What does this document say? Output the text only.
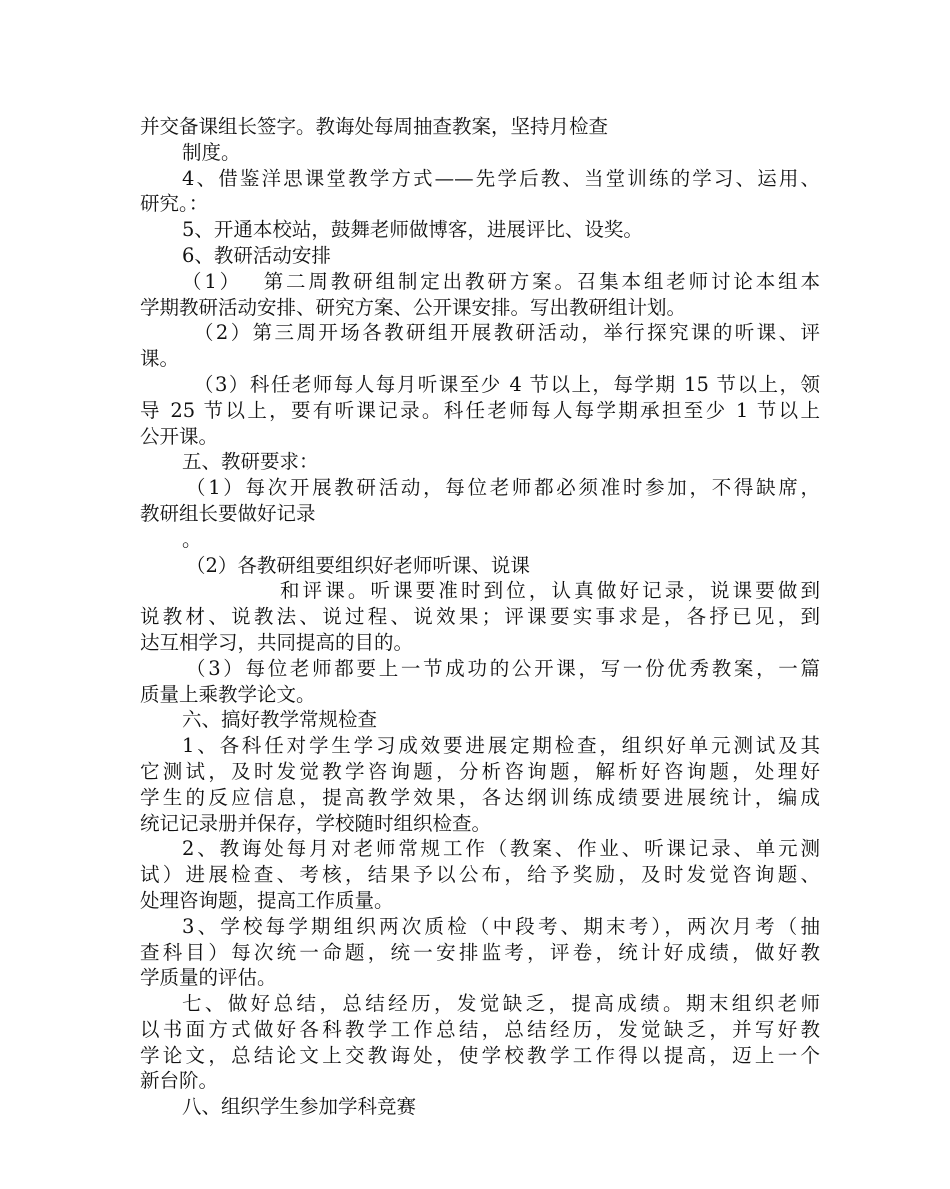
并交备课组长签字。教诲处每周抽查教案，坚持月检查

制度。

4、借鉴洋思课堂教学方式——先学后教、当堂训练的学习、运用、

研究。：

5、开通本校站，鼓舞老师做博客，进展评比、设奖。

6、教研活动安排

（1）　 第二周教研组制定出教研方案。召集本组老师讨论本组本

学期教研活动安排、研究方案、公开课安排。写出教研组计划。

（2）第三周开场各教研组开展教研活动，举行探究课的听课、评

课。

（3）科任老师每人每月听课至少 4 节以上，每学期 15 节以上，领

导 25 节以上，要有听课记录。科任老师每人每学期承担至少 1 节以上

公开课。

五、教研要求：

（1）每次开展教研活动，每位老师都必须准时参加，不得缺席，

教研组长要做好记录

。

（2）各教研组要组织好老师听课、说课

和评课。听课要准时到位，认真做好记录，说课要做到

说教材、说教法、说过程、说效果；评课要实事求是，各抒已见，到

达互相学习，共同提高的目的。

（3）每位老师都要上一节成功的公开课，写一份优秀教案，一篇

质量上乘教学论文。

六、搞好教学常规检查

1、各科任对学生学习成效要进展定期检查，组织好单元测试及其

它测试，及时发觉教学咨询题，分析咨询题，解析好咨询题，处理好

学生的反应信息，提高教学效果，各达纲训练成绩要进展统计，编成

统记记录册并保存，学校随时组织检查。

2、教诲处每月对老师常规工作（教案、作业、听课记录、单元测

试）进展检查、考核，结果予以公布，给予奖励，及时发觉咨询题、

处理咨询题，提高工作质量。

3、学校每学期组织两次质检（中段考、期末考），两次月考（抽

查科目）每次统一命题，统一安排监考，评卷，统计好成绩，做好教

学质量的评估。

七、做好总结，总结经历，发觉缺乏，提高成绩。期末组织老师

以书面方式做好各科教学工作总结，总结经历，发觉缺乏，并写好教

学论文，总结论文上交教诲处，使学校教学工作得以提高，迈上一个

新台阶。

八、组织学生参加学科竞赛
